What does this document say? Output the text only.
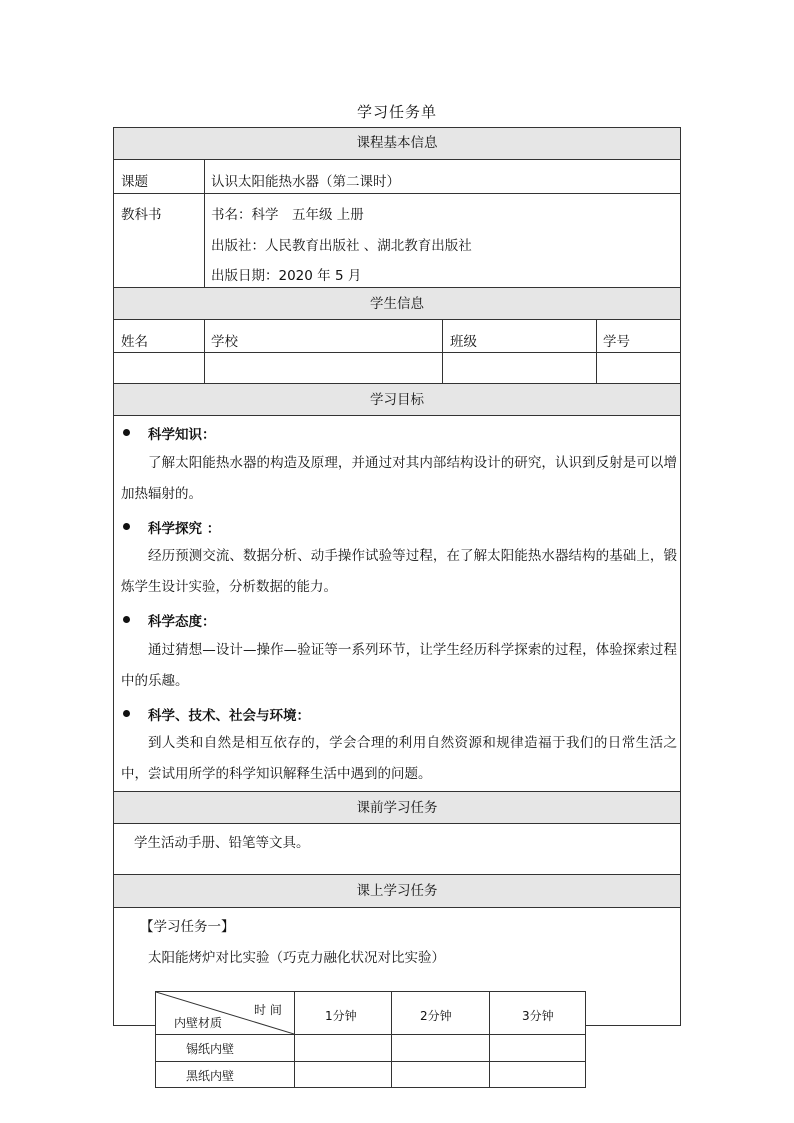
学习任务单
课程基本信息
课题	认识太阳能热水器（第二课时）
教科书	书名：科学　五年级 上册
出版社：人民教育出版社 、湖北教育出版社
出版日期：2020 年 5 月
学生信息
姓名	学校	班级	学号
学习目标
科学知识：
了解太阳能热水器的构造及原理，并通过对其内部结构设计的研究，认识到反射是可以增加热辐射的。
科学探究 ：
经历预测交流、数据分析、动手操作试验等过程，在了解太阳能热水器结构的基础上，锻炼学生设计实验，分析数据的能力。
科学态度：
通过猜想—设计—操作—验证等一系列环节，让学生经历科学探索的过程，体验探索过程中的乐趣。
科学、技术、社会与环境：
到人类和自然是相互依存的，学会合理的利用自然资源和规律造福于我们的日常生活之中，尝试用所学的科学知识解释生活中遇到的问题。
课前学习任务
学生活动手册、铅笔等文具。
课上学习任务
【学习任务一】
太阳能烤炉对比实验（巧克力融化状况对比实验）
时 间
内壁材质	1分钟	2分钟	3分钟
锡纸内壁
黑纸内壁
